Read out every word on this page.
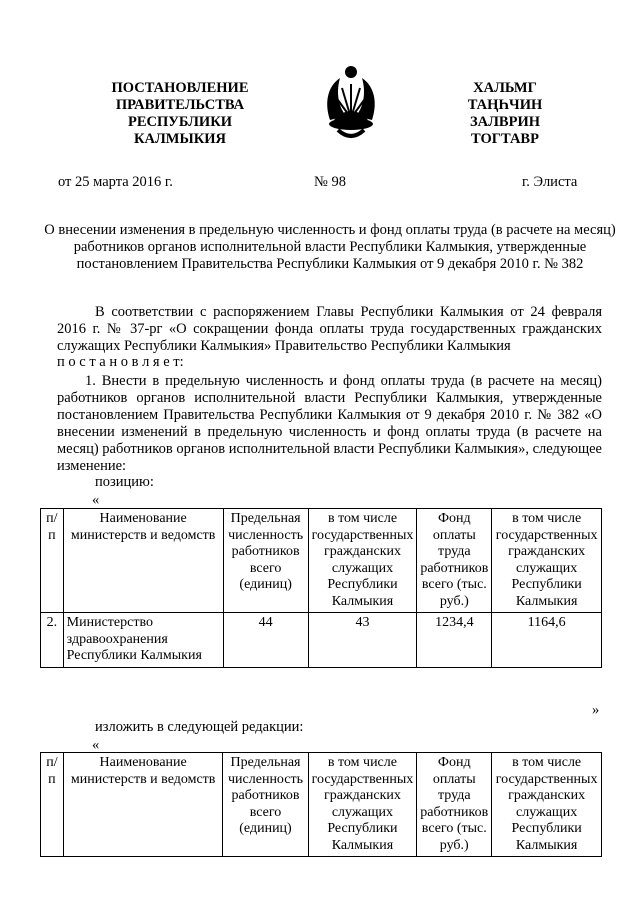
ПОСТАНОВЛЕНИЕ
ПРАВИТЕЛЬСТВА
РЕСПУБЛИКИ
КАЛМЫКИЯ
ХАЛЬМГ
ТАҢҺЧИН
ЗАЛВРИН
ТОГТАВР
от 25 марта 2016 г.	№ 98	г. Элиста
О внесении изменения в предельную численность и фонд оплаты труда (в расчете на месяц) работников органов исполнительной власти Республики Калмыкия, утвержденные постановлением Правительства Республики Калмыкия от 9 декабря 2010 г. № 382
В соответствии с распоряжением Главы Республики Калмыкия от 24 февраля 2016 г. № 37-рг «О сокращении фонда оплаты труда государственных гражданских служащих Республики Калмыкия» Правительство Республики Калмыкия
п о с т а н о в л я е т:
1. Внести в предельную численность и фонд оплаты труда (в расчете на месяц) работников органов исполнительной власти Республики Калмыкия, утвержденные постановлением Правительства Республики Калмыкия от 9 декабря 2010 г. № 382 «О внесении изменений в предельную численность и фонд оплаты труда (в расчете на месяц) работников органов исполнительной власти Республики Калмыкия», следующее изменение:
позицию:
«
п/п	Наименование министерств и ведомств	Предельная численность работников всего (единиц)	в том числе государственных гражданских служащих Республики Калмыкия	Фонд оплаты труда работников всего (тыс. руб.)	в том числе государственных гражданских служащих Республики Калмыкия
2.	Министерство здравоохранения Республики Калмыкия	44	43	1234,4	1164,6
»
изложить в следующей редакции:
«
п/п	Наименование министерств и ведомств	Предельная численность работников всего (единиц)	в том числе государственных гражданских служащих Республики Калмыкия	Фонд оплаты труда работников всего (тыс. руб.)	в том числе государственных гражданских служащих Республики Калмыкия
